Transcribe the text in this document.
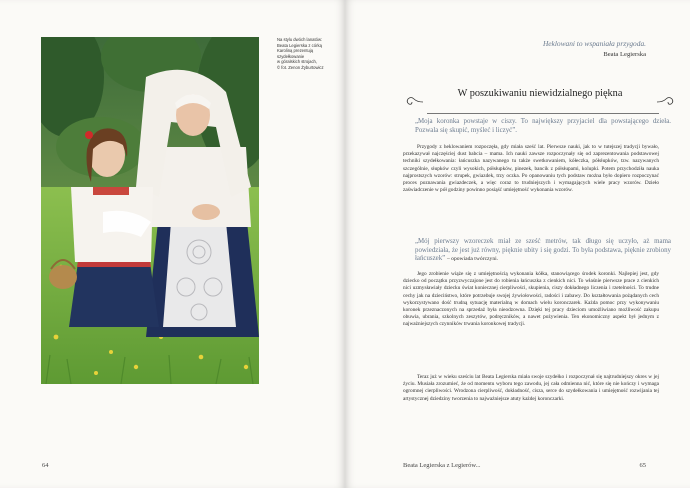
Na stylu dwóch lanatów:
Beata Legierska z córką
Karoliną prezentują
szydełkowanie
w góralskich strojach,
© fot. Zenon Żyburtowicz
64
Heklowani to wspaniała przygoda.
Beata Legierska
W poszukiwaniu niewidzialnego piękna
„Moja koronka powstaje w ciszy. To największy przyjaciel dla powstającego dzieła. Pozwala się skupić, myśleć i liczyć”.
Przygody z heklowaniem rozpoczęła, gdy miała sześć lat. Pierwsze nauki, jak to w tutejszej tradycji bywało, przekazywał najczęściej dust babcia – mama. Ich nauki zawsze rozpoczynały się od zaprezentowania podstawowej techniki szydełkowania: łańcuszka nazywanego tu także swetkowaniem, kółeczka, półsłupków, tzw. nazywanych szczególnie, słupków czyli wysokich, półsłupków, pinezek, bancik z półsłupami, kolupki. Potem przychodziła nauka najprostszych wzorów: strupek, gwiazdek, trzy oczka. Po opanowaniu tych podstaw można było dopiero rozpoczynać proces poznawania gwiazdeczek, a więc coraz to trudniejszych i wymagających wiele pracy wzorów. Dzieło zaświadczenie w pół godziny powinno posiąść umiejętność wykonania wzorów.
„Mój pierwszy wzoreczek miał ze sześć metrów, tak długo się uczyło, aż mama powiedziała, że jest już równy, pięknie ubity i się godzi. To była podstawa, pięknie zrobiony łańcuszek” – opowiada twórczyni.
Jego zrobienie wiąże się z umiejętnością wykonania kółka, stanowiącego środek koronki. Najlepiej jest, gdy dziecko od początku przyzwyczajone jest do robienia łańcuszka z cienkich nici. To właśnie pierwsze prace z cienkich nici uzmysławiały dziecku świat koniecznej cierpliwości, skupienia, ciszy dokładnego liczenia i rzetelności. To trudne cechy jak na dzieciństwo, które potrzebuje swojej żywiołowości, radości i zabawy. Do kształtowania pożądanych cech wykorzystywano dość trudną sytuację materialną w domach wielu koronczarek. Każda pomoc przy wykonywaniu koronek przeznaczonych na sprzedaż była nieodzowna. Dzięki tej pracy dzieciom umożliwiano możliwość zakupu obuwia, ubrania, szkolnych zeszytów, podręczników, a nawet pożywienia. Ten ekonomiczny aspekt był jednym z najważniejszych czynników trwania koronkowej tradycji.
Teraz już w wieku sześciu lat Beata Legierska miała swoje szydełko i rozpoczynał się najtrudniejszy okres w jej życiu. Musiała zrozumieć, że od momentu wyboru tego zawodu, jej cała odmienna nić, które się nie kończy i wymaga ogromnej cierpliwości. Wrodzona cierpliwość, dokładność, cisza, serce do szydełkowania i umiejętność rozwijania tej artystycznej dziedziny tworzenia to najważniejsze atuty każdej koronczarki.
Beata Legierska z Legierów...	65
